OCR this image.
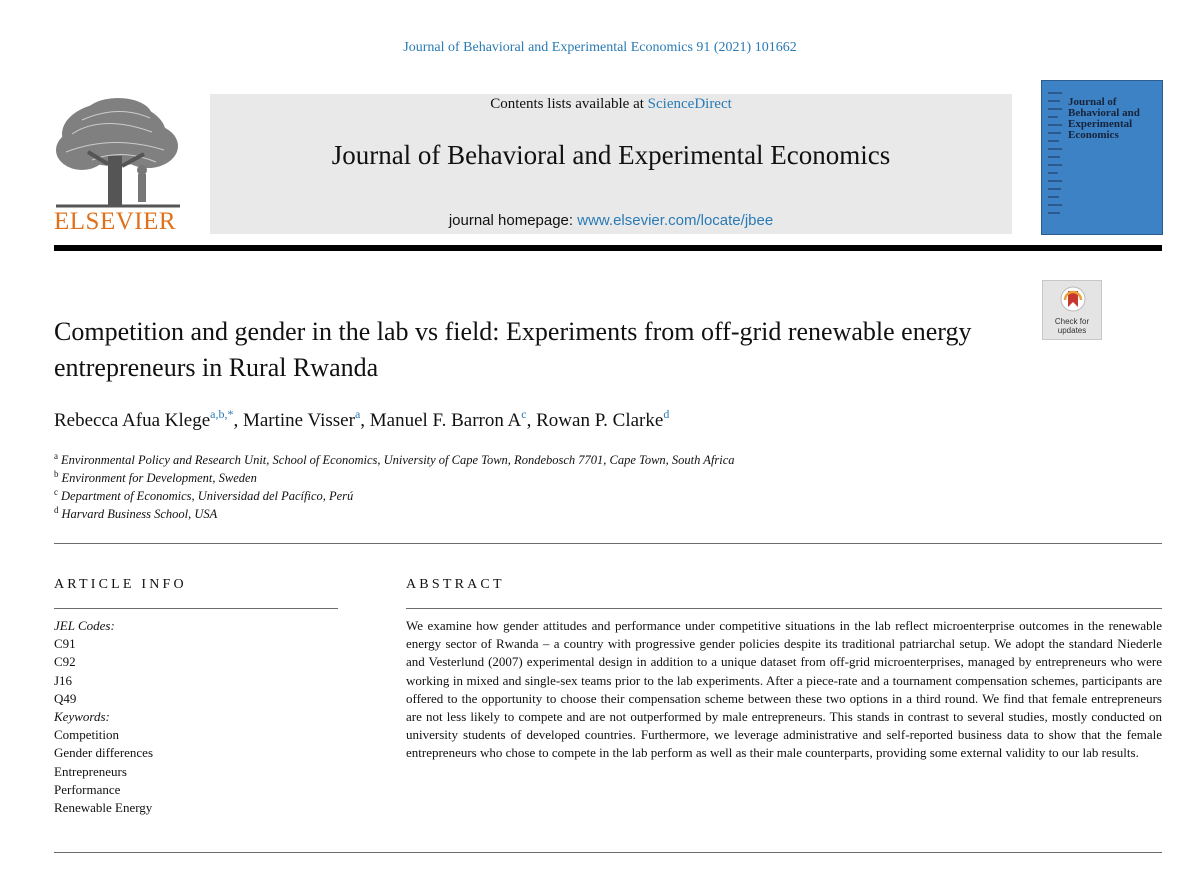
Journal of Behavioral and Experimental Economics 91 (2021) 101662
ELSEVIER
Contents lists available at ScienceDirect
Journal of Behavioral and Experimental Economics
journal homepage: www.elsevier.com/locate/jbee
Journal of Behavioral and Experimental Economics
Check for updates
Competition and gender in the lab vs field: Experiments from off-grid renewable energy entrepreneurs in Rural Rwanda
Rebecca Afua Klege$^{a,b,*}$, Martine Visser$^a$, Manuel F. Barron $A^c$, Rowan P. Clarke$^d$
$^a$ Environmental Policy and Research Unit, School of Economics, University of Cape Town, Rondebosch 7701, Cape Town, South Africa
$^b$ Environment for Development, Sweden
$^c$ Department of Economics, Universidad del Pacífico, Perú
$^d$ Harvard Business School, USA
ARTICLE INFO
JEL Codes:
C91
C92
J16
Q49
Keywords:
Competition
Gender differences
Entrepreneurs
Performance
Renewable Energy
ABSTRACT
We examine how gender attitudes and performance under competitive situations in the lab reflect microenterprise outcomes in the renewable energy sector of Rwanda – a country with progressive gender policies despite its traditional patriarchal setup. We adopt the standard Niederle and Vesterlund (2007) experimental design in addition to a unique dataset from off-grid microenterprises, managed by entrepreneurs who were working in mixed and single-sex teams prior to the lab experiments. After a piece-rate and a tournament compensation schemes, participants are offered to the opportunity to choose their compensation scheme between these two options in a third round. We find that female entrepreneurs are not less likely to compete and are not outperformed by male entrepreneurs. This stands in contrast to several studies, mostly conducted on university students of developed countries. Furthermore, we leverage administrative and self-reported business data to show that the female entrepreneurs who chose to compete in the lab perform as well as their male counterparts, providing some external validity to our lab results.
